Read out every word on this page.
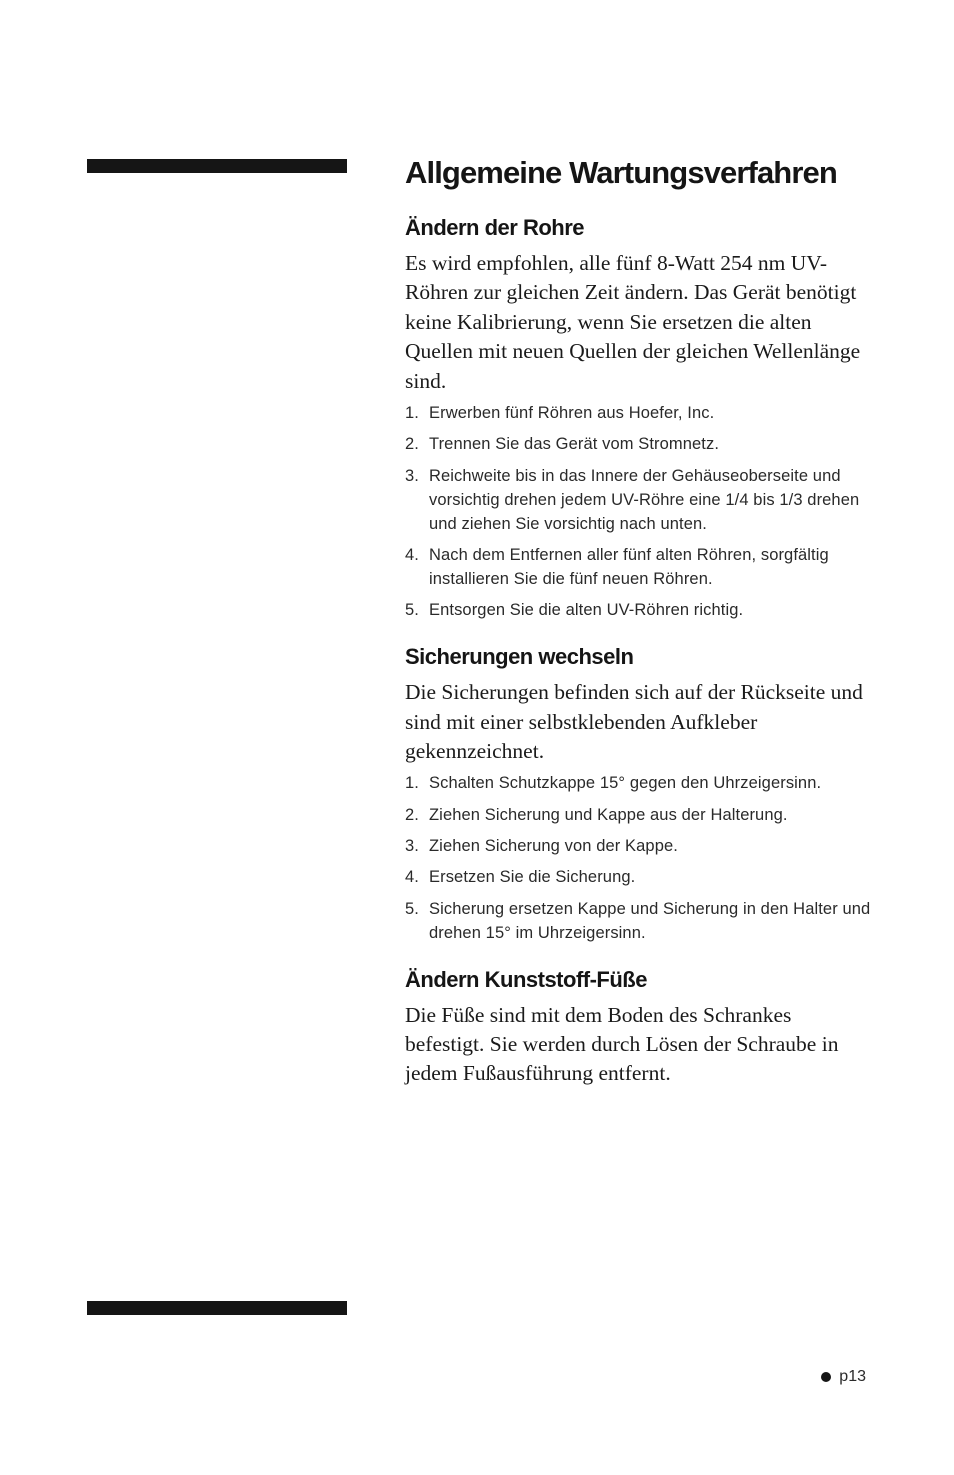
Allgemeine Wartungsverfahren
Ändern der Rohre

Es wird empfohlen, alle fünf 8-Watt 254 nm UV-Röhren zur gleichen Zeit ändern. Das Gerät benötigt keine Kalibrierung, wenn Sie ersetzen die alten Quellen mit neuen Quellen der gleichen Wellenlänge sind.

1. Erwerben fünf Röhren aus Hoefer, Inc.
2. Trennen Sie das Gerät vom Stromnetz.
3. Reichweite bis in das Innere der Gehäuseoberseite und vorsichtig drehen jedem UV-Röhre eine 1/4 bis 1/3 drehen und ziehen Sie vorsichtig nach unten.
4. Nach dem Entfernen aller fünf alten Röhren, sorgfältig installieren Sie die fünf neuen Röhren.
5. Entsorgen Sie die alten UV-Röhren richtig.
Sicherungen wechseln

Die Sicherungen befinden sich auf der Rückseite und sind mit einer selbstklebenden Aufkleber gekennzeichnet.

1. Schalten Schutzkappe 15° gegen den Uhrzeigersinn.
2. Ziehen Sicherung und Kappe aus der Halterung.
3. Ziehen Sicherung von der Kappe.
4. Ersetzen Sie die Sicherung.
5. Sicherung ersetzen Kappe und Sicherung in den Halter und drehen 15° im Uhrzeigersinn.
Ändern Kunststoff-Füße

Die Füße sind mit dem Boden des Schrankes befestigt. Sie werden durch Lösen der Schraube in jedem Fußausführung entfernt.

p13
